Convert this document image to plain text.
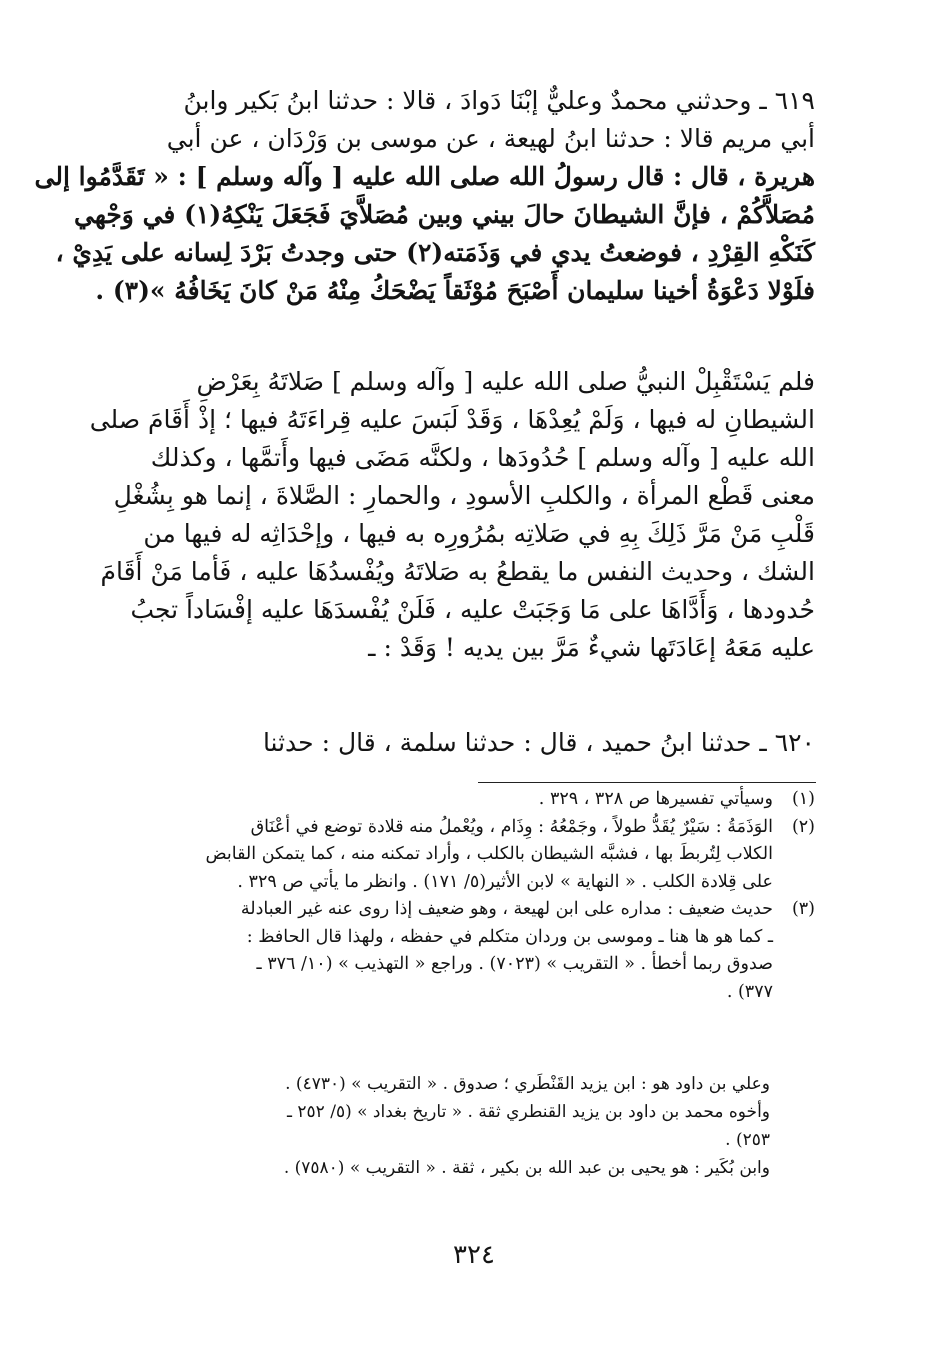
٦١٩ ـ وحدثني محمدٌ وعليٌّ إبْنَا دَوادَ ، قالا : حدثنا ابنُ بَكير وابنُ
أبي مريم قالا : حدثنا ابنُ لهيعة ، عن موسى بن وَرْدَان ، عن أبي
هريرة ، قال : قال رسولُ الله صلى الله عليه [ وآله وسلم ] : « تَقَدَّمُوا إلى
مُصَلاَّكُمْ ، فإنَّ الشيطانَ حالَ بيني وبين مُصَلاَّيَ فَجَعَلَ يَنْكِهُ(١) في وَجْهي
كَنَكْهِ القِرْدِ ، فوضعتُ يدي في وَذَمَته(٢) حتى وجدتُ بَرْدَ لِسانه على يَدِيْ ،
فلَوْلا دَعْوَةُ أخينا سليمان أَصْبَحَ مُوْثَقاً يَضْحَكُ مِنْهُ مَنْ كانَ يَخَافُهُ »(٣) .
فلم يَسْتَقْبِلْ النبيُّ صلى الله عليه [ وآله وسلم ] صَلاتَهُ بِعَرْضِ
الشيطانِ له فيها ، وَلَمْ يُعِدْهَا ، وَقَدْ لَبَسَ عليه قِراءَتَهُ فيها ؛ إذْ أَقَامَ صلى
الله عليه [ وآله وسلم ] حُدُودَها ، ولكنَّه مَضَى فيها وأَتمَّها ، وكذلك
معنى قَطْع المرأة ، والكلبِ الأسودِ ، والحمارِ : الصَّلاةَ ، إنما هو بِشُغْلِ
قَلْبِ مَنْ مَرَّ ذَلِكَ بِهِ في صَلاتِه بمُرُورِه به فيها ، وإحْدَاثِه له فيها من
الشك ، وحديث النفس ما يقطعُ به صَلاتَهُ ويُفْسدُهَا عليه ، فَأما مَنْ أَقَامَ
حُدودها ، وَأَدَّاهَا على مَا وَجَبَتْ عليه ، فَلَنْ يُفْسدَهَا عليه إفْسَاداً تجبُ
عليه مَعَهُ إعَادَتَها شيءٌ مَرَّ بين يديه ! وَقَدْ : ـ
٦٢٠ ـ حدثنا ابنُ حميد ، قال : حدثنا سلمة ، قال : حدثنا
(١)
وسيأتي تفسيرها ص ٣٢٨ ، ٣٢٩ .
(٢)
الوَذَمَةُ : سَيْرٌ يُقَدُّ طولاً ، وجَمْعُهُ : وِذَام ، ويُعْملُ منه قلادة توضع في أعْنَاق
الكلاب لِتُربطَ بها ، فشبَّه الشيطان بالكلب ، وأراد تمكنه منه ، كما يتمكن القابض
على قِلادة الكلب . « النهاية » لابن الأثير(٥/ ١٧١) . وانظر ما يأتي ص ٣٢٩ .
(٣)
حديث ضعيف : مداره على ابن لهيعة ، وهو ضعيف إذا روى عنه غير العبادلة
ـ كما هو ها هنا ـ وموسى بن وردان متكلم في حفظه ، ولهذا قال الحافظ :
صدوق ربما أخطأ . « التقريب » (٧٠٢٣) . وراجع « التهذيب » (١٠/ ٣٧٦ ـ
٣٧٧) .
وعلي بن داود هو : ابن يزيد القَنْطَري ؛ صدوق . « التقريب » (٤٧٣٠) .
وأخوه محمد بن داود بن يزيد القنطري ثقة . « تاريخ بغداد » (٥/ ٢٥٢ ـ
٢٥٣) .
وابن بُكَير : هو يحيى بن عبد الله بن بكير ، ثقة . « التقريب » (٧٥٨٠) .
٣٢٤
